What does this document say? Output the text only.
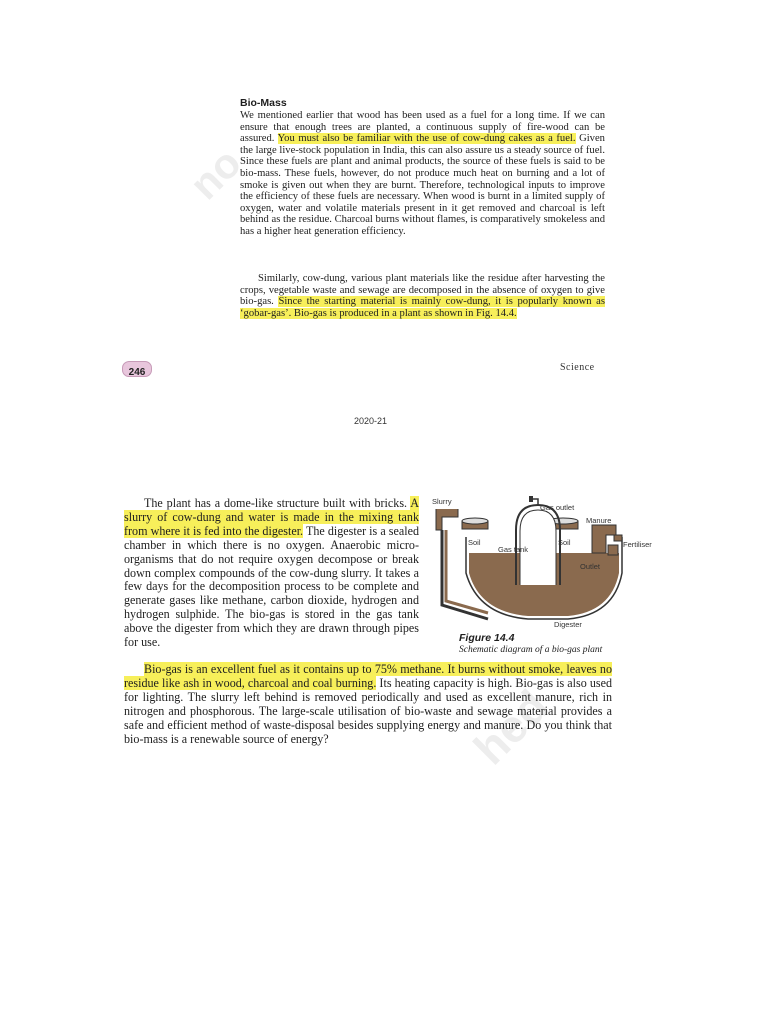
no
hed
Bio-Mass
We mentioned earlier that wood has been used as a fuel for a long time. If we can ensure that enough trees are planted, a continuous supply of fire-wood can be assured. You must also be familiar with the use of cow-dung cakes as a fuel. Given the large live-stock population in India, this can also assure us a steady source of fuel. Since these fuels are plant and animal products, the source of these fuels is said to be bio-mass. These fuels, however, do not produce much heat on burning and a lot of smoke is given out when they are burnt. Therefore, technological inputs to improve the efficiency of these fuels are necessary. When wood is burnt in a limited supply of oxygen, water and volatile materials present in it get removed and charcoal is left behind as the residue. Charcoal burns without flames, is comparatively smokeless and has a higher heat generation efficiency.
Similarly, cow-dung, various plant materials like the residue after harvesting the crops, vegetable waste and sewage are decomposed in the absence of oxygen to give bio-gas. Since the starting material is mainly cow-dung, it is popularly known as ‘gobar-gas’. Bio-gas is produced in a plant as shown in Fig. 14.4.
246	Science
2020-21
The plant has a dome-like structure built with bricks. A slurry of cow-dung and water is made in the mixing tank from where it is fed into the digester. The digester is a sealed chamber in which there is no oxygen. Anaerobic micro-organisms that do not require oxygen decompose or break down complex compounds of the cow-dung slurry. It takes a few days for the decomposition process to be complete and generate gases like methane, carbon dioxide, hydrogen and hydrogen sulphide. The bio-gas is stored in the gas tank above the digester from which they are drawn through pipes for use.
Bio-gas is an excellent fuel as it contains up to 75% methane. It burns without smoke, leaves no residue like ash in wood, charcoal and coal burning. Its heating capacity is high. Bio-gas is also used for lighting. The slurry left behind is removed periodically and used as excellent manure, rich in nitrogen and phosphorous. The large-scale utilisation of bio-waste and sewage material provides a safe and efficient method of waste-disposal besides supplying energy and manure. Do you think that bio-mass is a renewable source of energy?
Slurry
Gas outlet
Manure
Soil	Soil
Gas tank
Fertiliser
Outlet
Digester
Figure 14.4
Schematic diagram of a bio-gas plant
